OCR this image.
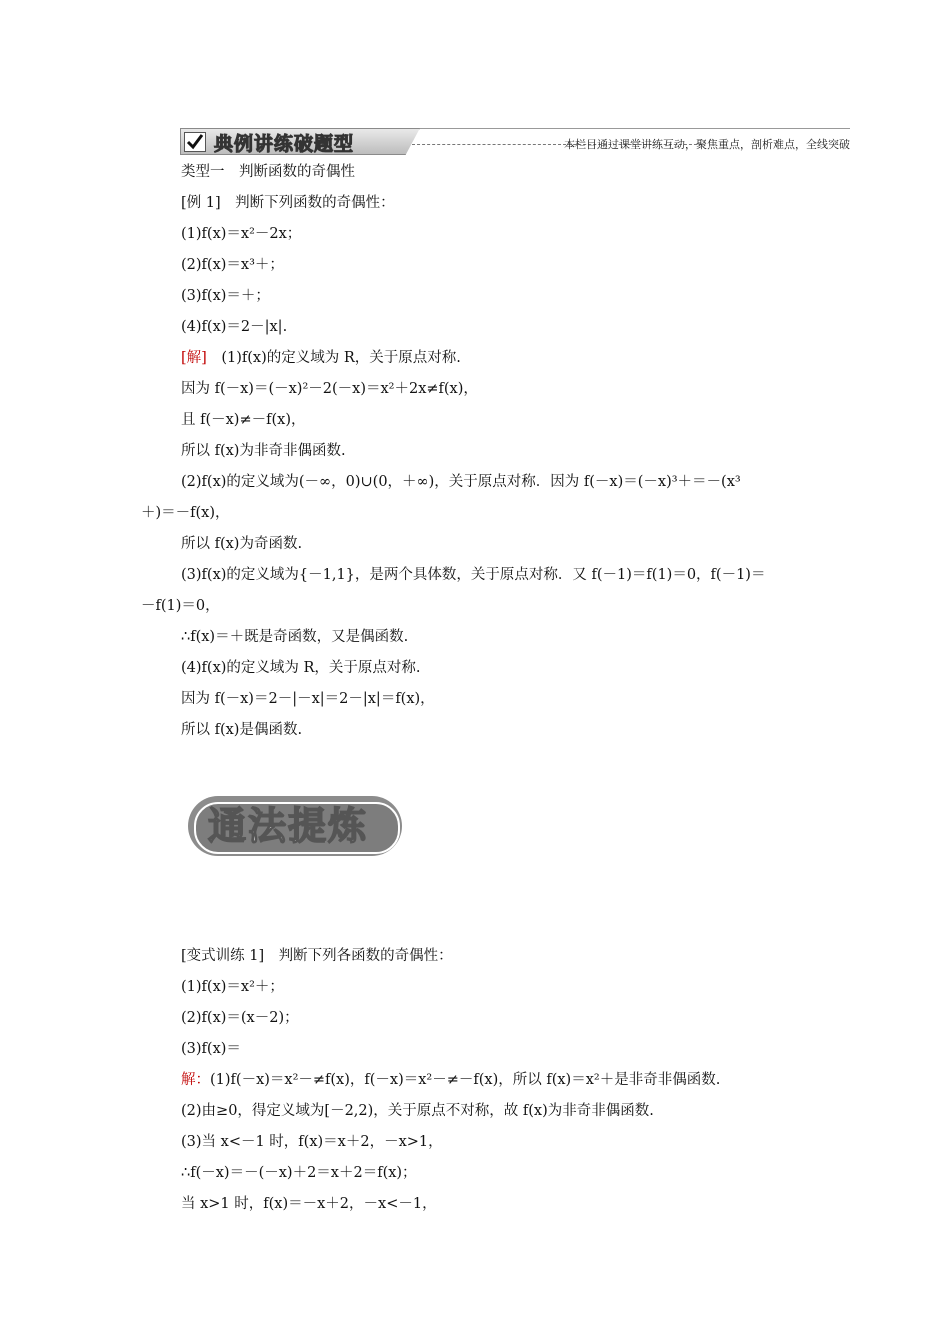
典例讲练破题型	本栏目通过课堂讲练互动，聚焦重点，剖析难点，全线突破
类型一　判断函数的奇偶性
[例 1]　判断下列函数的奇偶性：
(1)f(x)＝x²－2x；
(2)f(x)＝x³＋；
(3)f(x)＝＋；
(4)f(x)＝2－|x|.
[解]　(1)f(x)的定义域为 R，关于原点对称.
因为 f(－x)＝(－x)²－2(－x)＝x²＋2x≠f(x)，
且 f(－x)≠－f(x)，
所以 f(x)为非奇非偶函数.
(2)f(x)的定义域为(－∞，0)∪(0，＋∞)，关于原点对称．因为 f(－x)＝(－x)³＋＝－(x³
＋)＝－f(x)，
所以 f(x)为奇函数.
(3)f(x)的定义域为{－1,1}，是两个具体数，关于原点对称．又 f(－1)＝f(1)＝0，f(－1)＝
－f(1)＝0，
∴f(x)＝＋既是奇函数，又是偶函数.
(4)f(x)的定义域为 R，关于原点对称.
因为 f(－x)＝2－|－x|＝2－|x|＝f(x)，
所以 f(x)是偶函数.
通法提炼
[变式训练 1]　判断下列各函数的奇偶性：
(1)f(x)＝x²＋；
(2)f(x)＝(x－2)；
(3)f(x)＝
解：(1)f(－x)＝x²－≠f(x)，f(－x)＝x²－≠－f(x)，所以 f(x)＝x²＋是非奇非偶函数.
(2)由≥0，得定义域为[－2,2)，关于原点不对称，故 f(x)为非奇非偶函数.
(3)当 x<－1 时，f(x)＝x＋2，－x>1，
∴f(－x)＝－(－x)＋2＝x＋2＝f(x)；
当 x>1 时，f(x)＝－x＋2，－x<－1，
